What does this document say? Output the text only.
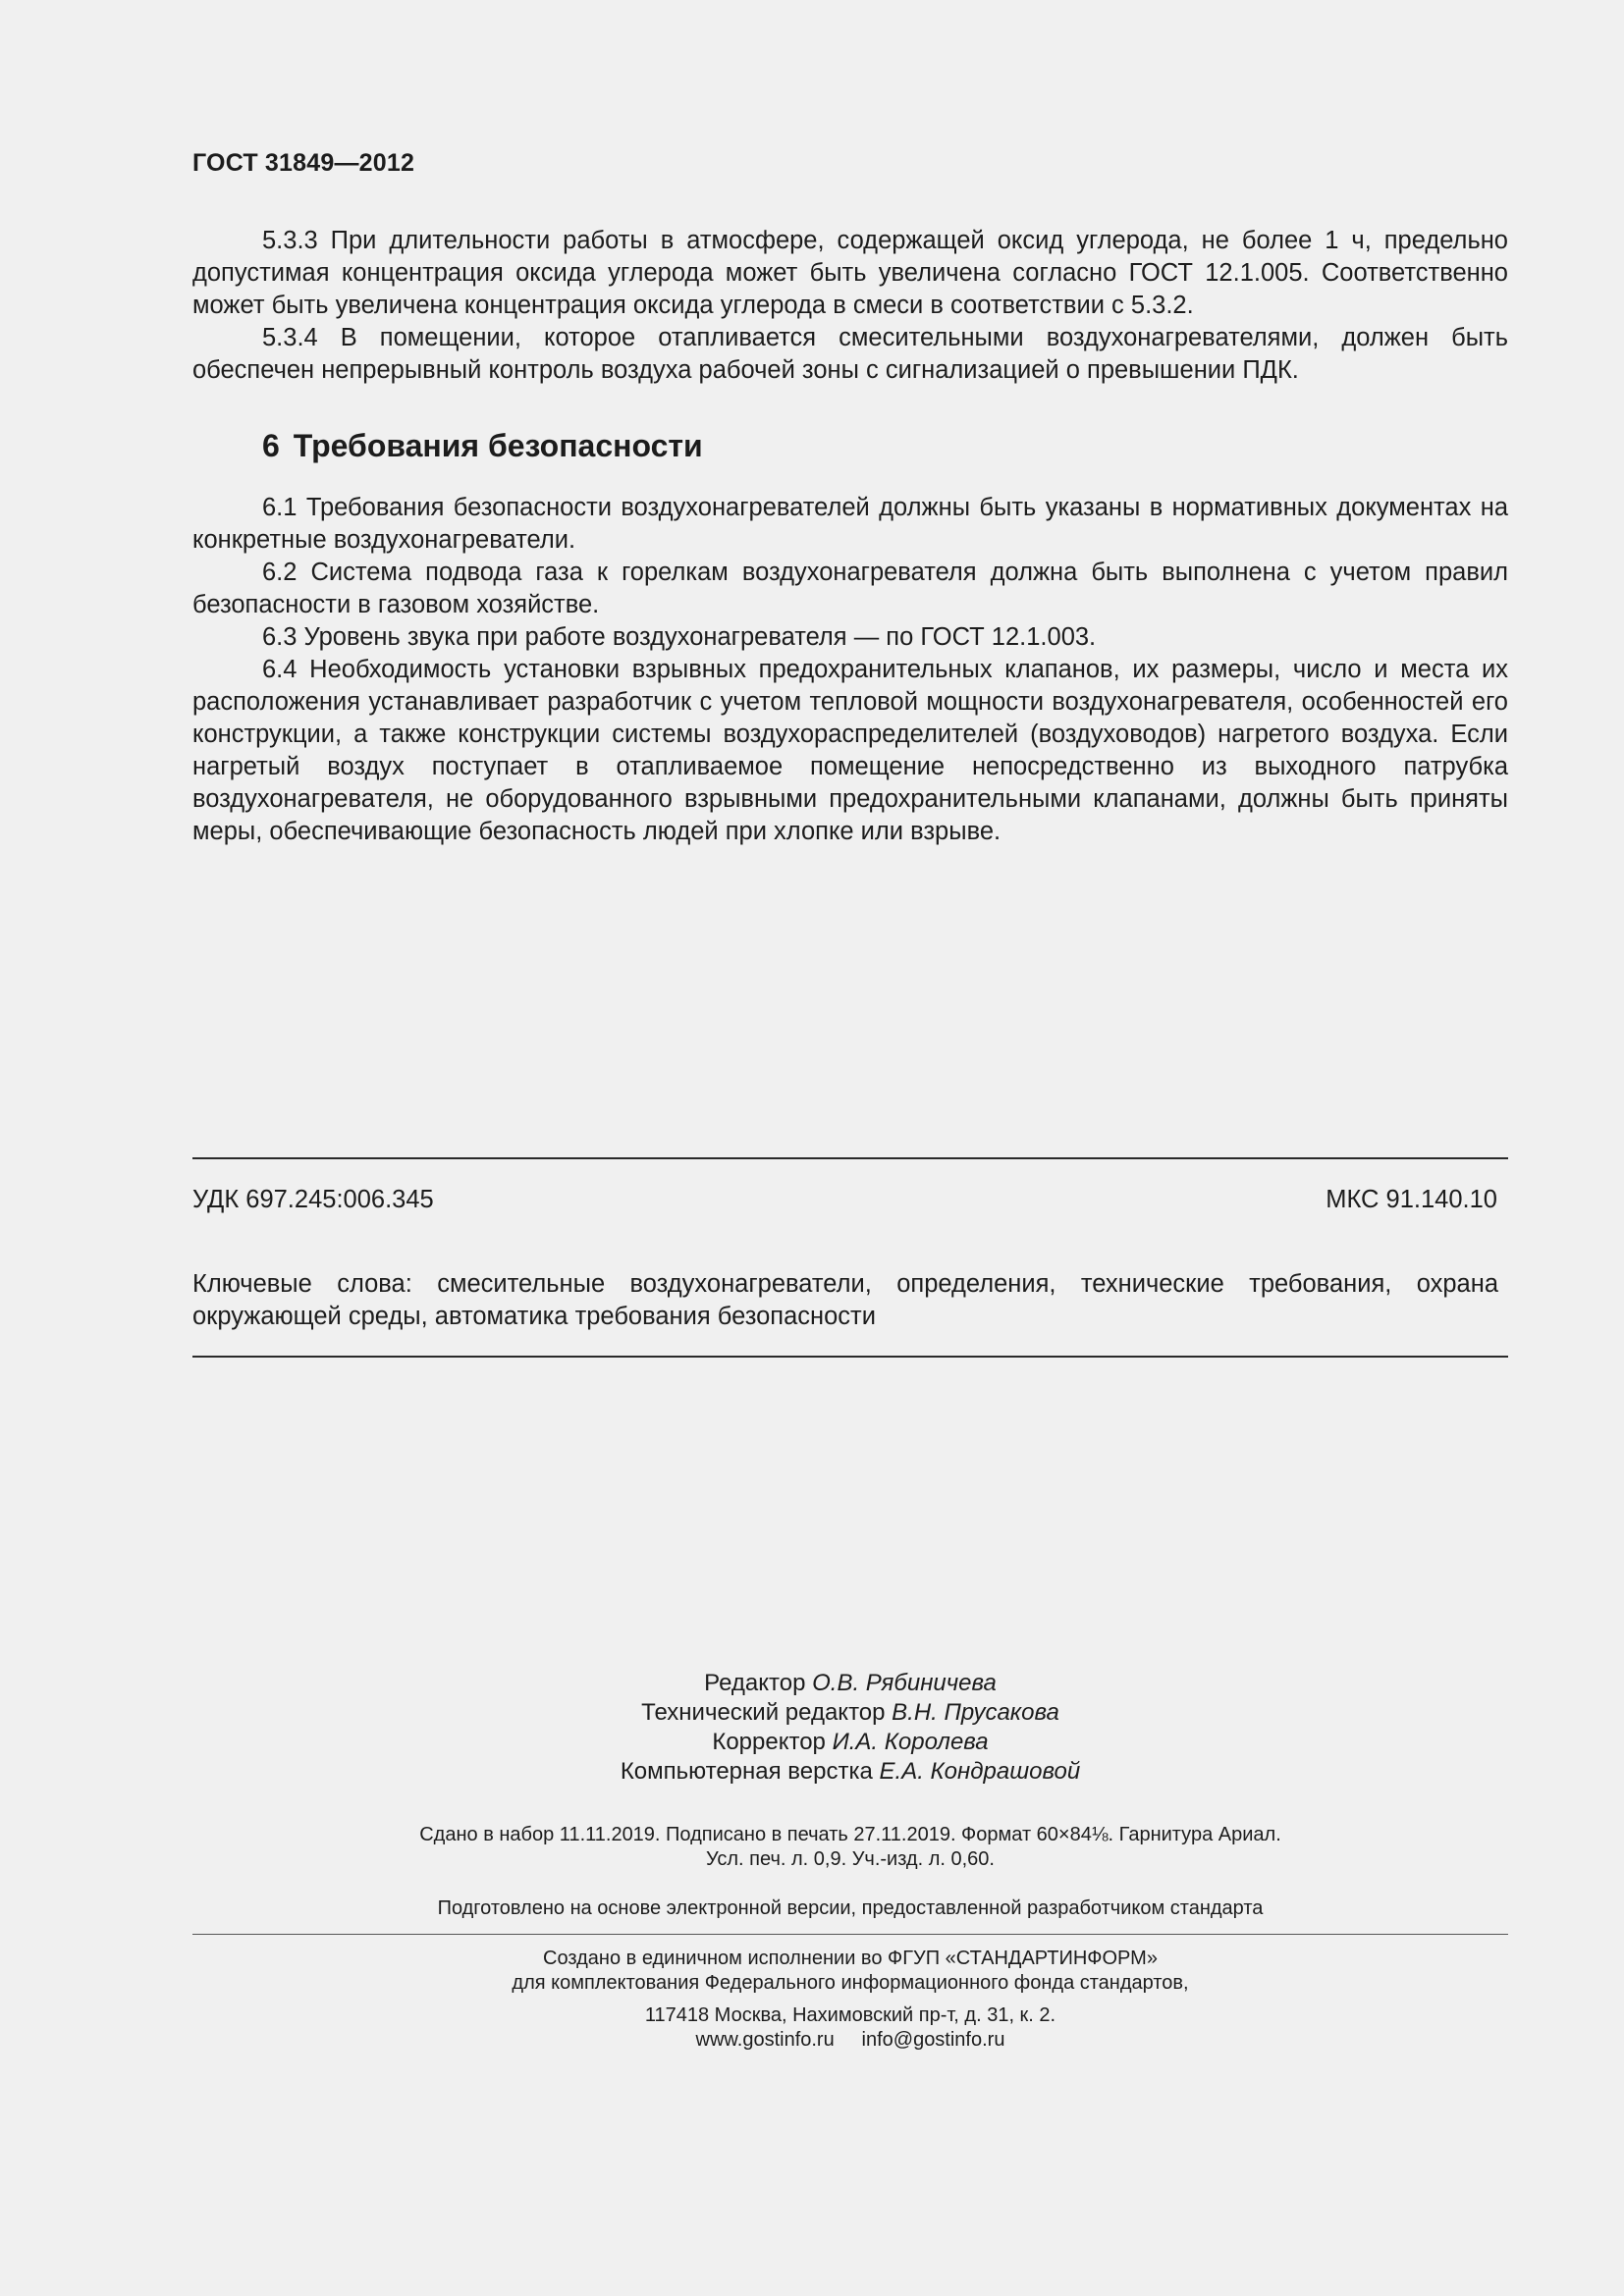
ГОСТ 31849—2012

5.3.3 При длительности работы в атмосфере, содержащей оксид углерода, не более 1 ч, предельно допустимая концентрация оксида углерода может быть увеличена согласно ГОСТ 12.1.005. Соответственно может быть увеличена концентрация оксида углерода в смеси в соответствии с 5.3.2.

5.3.4 В помещении, которое отапливается смесительными воздухонагревателями, должен быть обеспечен непрерывный контроль воздуха рабочей зоны с сигнализацией о превышении ПДК.

6 Требования безопасности

6.1 Требования безопасности воздухонагревателей должны быть указаны в нормативных документах на конкретные воздухонагреватели.

6.2 Система подвода газа к горелкам воздухонагревателя должна быть выполнена с учетом правил безопасности в газовом хозяйстве.

6.3 Уровень звука при работе воздухонагревателя — по ГОСТ 12.1.003.

6.4 Необходимость установки взрывных предохранительных клапанов, их размеры, число и места их расположения устанавливает разработчик с учетом тепловой мощности воздухонагревателя, особенностей его конструкции, а также конструкции системы воздухораспределителей (воздуховодов) нагретого воздуха. Если нагретый воздух поступает в отапливаемое помещение непосредственно из выходного патрубка воздухонагревателя, не оборудованного взрывными предохранительными клапанами, должны быть приняты меры, обеспечивающие безопасность людей при хлопке или взрыве.

УДК 697.245:006.345	МКС 91.140.10
Ключевые слова: смесительные воздухонагреватели, определения, технические требования, охрана окружающей среды, автоматика требования безопасности
Редактор О.В. Рябиничева
Технический редактор В.Н. Прусакова
Корректор И.А. Королева
Компьютерная верстка Е.А. Кондрашовой
Сдано в набор 11.11.2019. Подписано в печать 27.11.2019. Формат 60×84⅛. Гарнитура Ариал.
Усл. печ. л. 0,9. Уч.-изд. л. 0,60.
Подготовлено на основе электронной версии, предоставленной разработчиком стандарта
Создано в единичном исполнении во ФГУП «СТАНДАРТИНФОРМ»
для комплектования Федерального информационного фонда стандартов,
117418 Москва, Нахимовский пр-т, д. 31, к. 2.
www.gostinfo.ru info@gostinfo.ru
